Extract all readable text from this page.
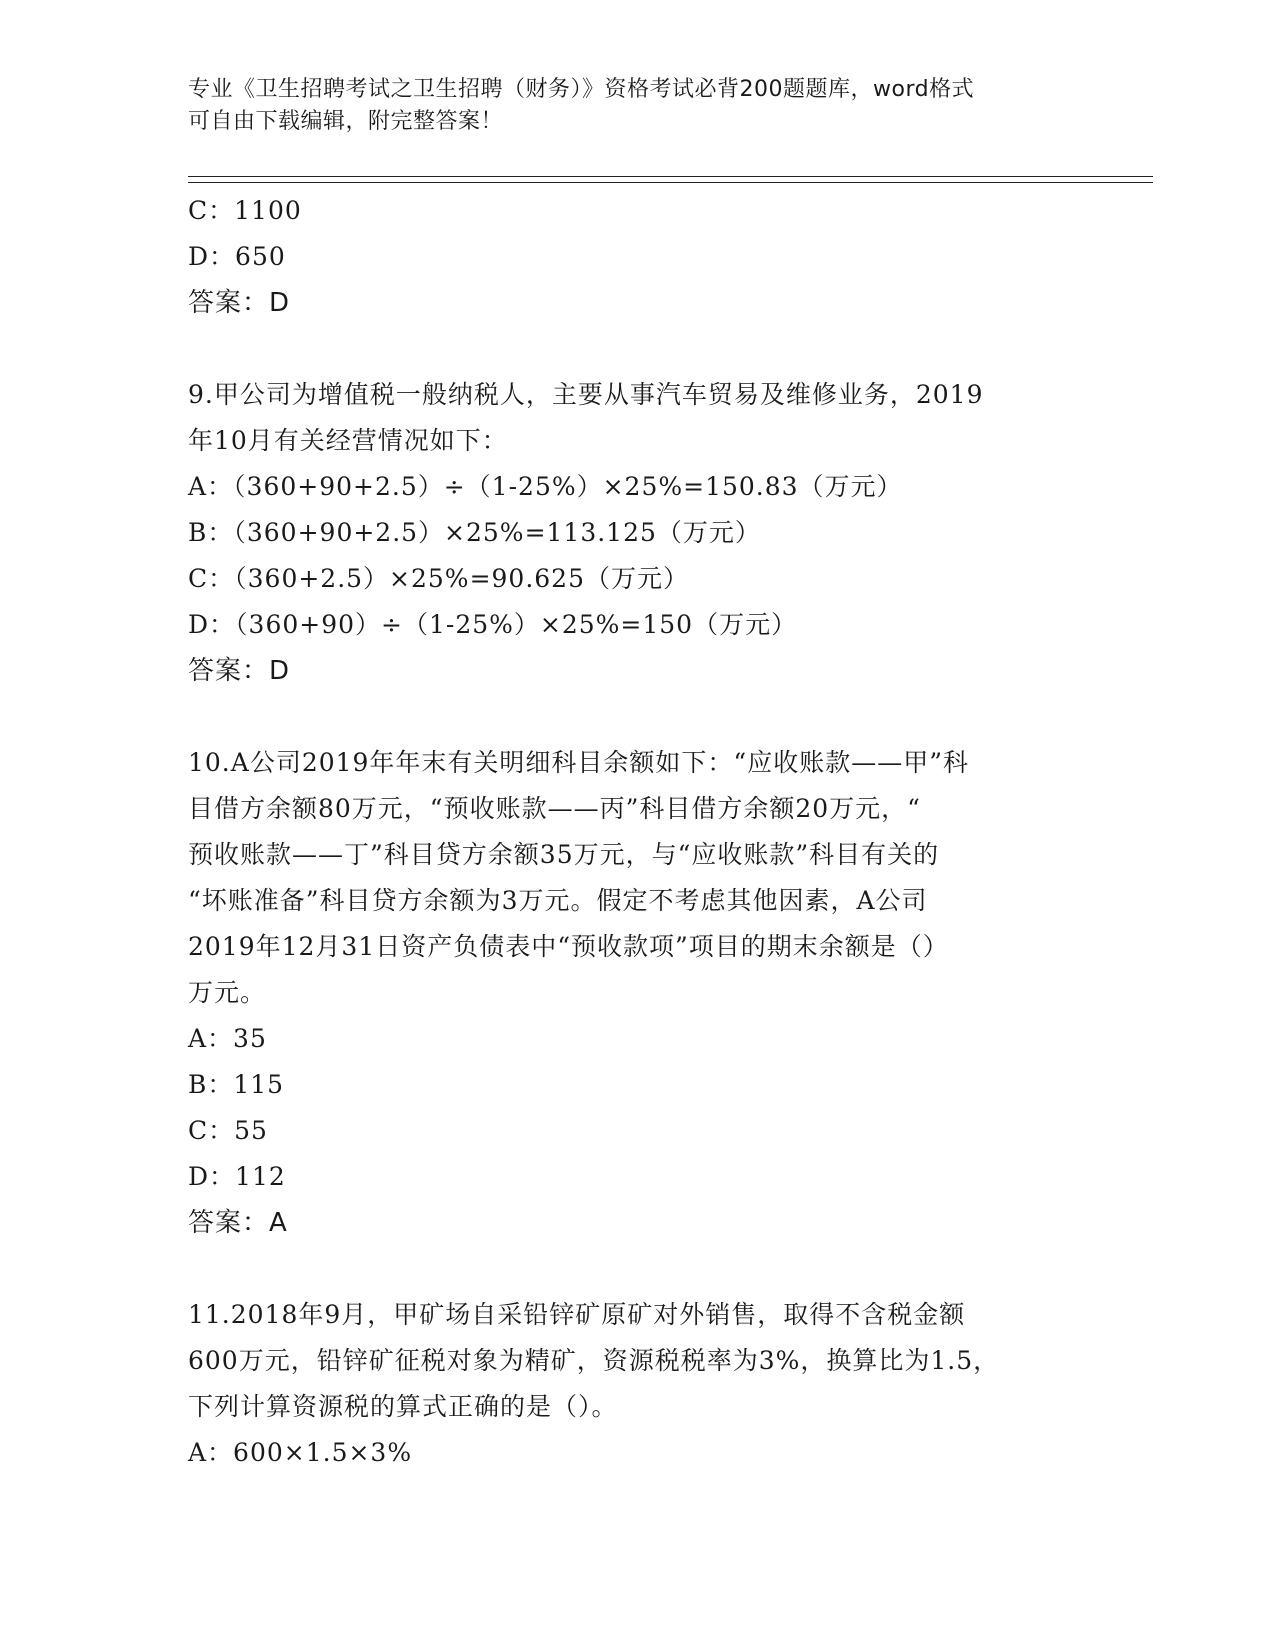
专业《卫生招聘考试之卫生招聘（财务）》资格考试必背200题题库，word格式
可自由下载编辑，附完整答案！
C：1100
D：650
答案：D
9.甲公司为增值税一般纳税人，主要从事汽车贸易及维修业务，2019
年10月有关经营情况如下：
A：（360+90+2.5）÷（1-25%）×25%=150.83（万元）
B：（360+90+2.5）×25%=113.125（万元）
C：（360+2.5）×25%=90.625（万元）
D：（360+90）÷（1-25%）×25%=150（万元）
答案：D
10.A公司2019年年末有关明细科目余额如下：“应收账款——甲”科
目借方余额80万元，“预收账款——丙”科目借方余额20万元，“
预收账款——丁”科目贷方余额35万元，与“应收账款”科目有关的
“坏账准备”科目贷方余额为3万元。假定不考虑其他因素，A公司
2019年12月31日资产负债表中“预收款项”项目的期末余额是（）
万元。
A：35
B：115
C：55
D：112
答案：A
11.2018年9月，甲矿场自采铅锌矿原矿对外销售，取得不含税金额
600万元，铅锌矿征税对象为精矿，资源税税率为3%，换算比为1.5，
下列计算资源税的算式正确的是（）。
A：600×1.5×3%
